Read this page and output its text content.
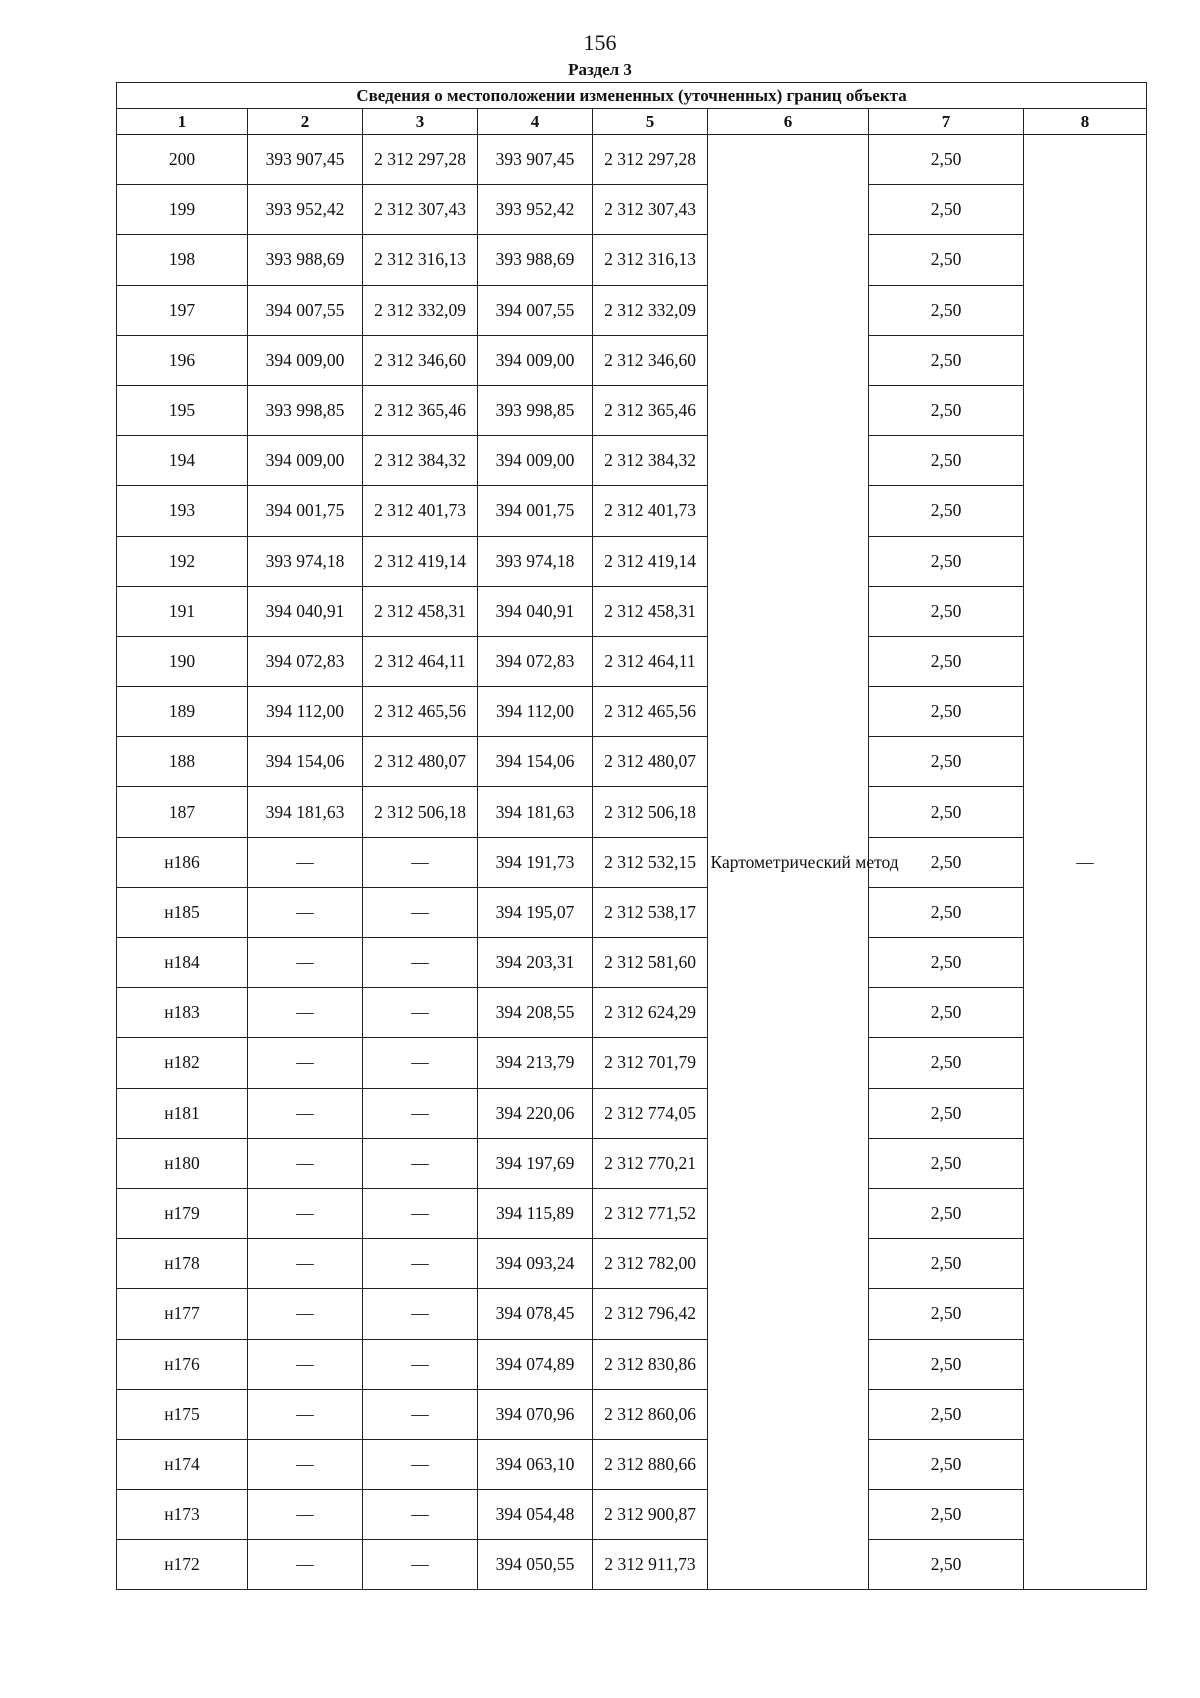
156
Раздел 3
Сведения о местоположении измененных (уточненных) границ объекта							
1	2	3	4	5	6	7	8
200	393 907,45	2 312 297,28	393 907,45	2 312 297,28	Картометрический метод	2,50	—
199	393 952,42	2 312 307,43	393 952,42	2 312 307,43		2,50	
198	393 988,69	2 312 316,13	393 988,69	2 312 316,13		2,50	
197	394 007,55	2 312 332,09	394 007,55	2 312 332,09		2,50	
196	394 009,00	2 312 346,60	394 009,00	2 312 346,60		2,50	
195	393 998,85	2 312 365,46	393 998,85	2 312 365,46		2,50	
194	394 009,00	2 312 384,32	394 009,00	2 312 384,32		2,50	
193	394 001,75	2 312 401,73	394 001,75	2 312 401,73		2,50	
192	393 974,18	2 312 419,14	393 974,18	2 312 419,14		2,50	
191	394 040,91	2 312 458,31	394 040,91	2 312 458,31		2,50	
190	394 072,83	2 312 464,11	394 072,83	2 312 464,11		2,50	
189	394 112,00	2 312 465,56	394 112,00	2 312 465,56		2,50	
188	394 154,06	2 312 480,07	394 154,06	2 312 480,07		2,50	
187	394 181,63	2 312 506,18	394 181,63	2 312 506,18		2,50	
н186	—	—	394 191,73	2 312 532,15		2,50	
н185	—	—	394 195,07	2 312 538,17		2,50	
н184	—	—	394 203,31	2 312 581,60		2,50	
н183	—	—	394 208,55	2 312 624,29		2,50	
н182	—	—	394 213,79	2 312 701,79		2,50	
н181	—	—	394 220,06	2 312 774,05		2,50	
н180	—	—	394 197,69	2 312 770,21		2,50	
н179	—	—	394 115,89	2 312 771,52		2,50	
н178	—	—	394 093,24	2 312 782,00		2,50	
н177	—	—	394 078,45	2 312 796,42		2,50	
н176	—	—	394 074,89	2 312 830,86		2,50	
н175	—	—	394 070,96	2 312 860,06		2,50	
н174	—	—	394 063,10	2 312 880,66		2,50	
н173	—	—	394 054,48	2 312 900,87		2,50	
н172	—	—	394 050,55	2 312 911,73		2,50	
